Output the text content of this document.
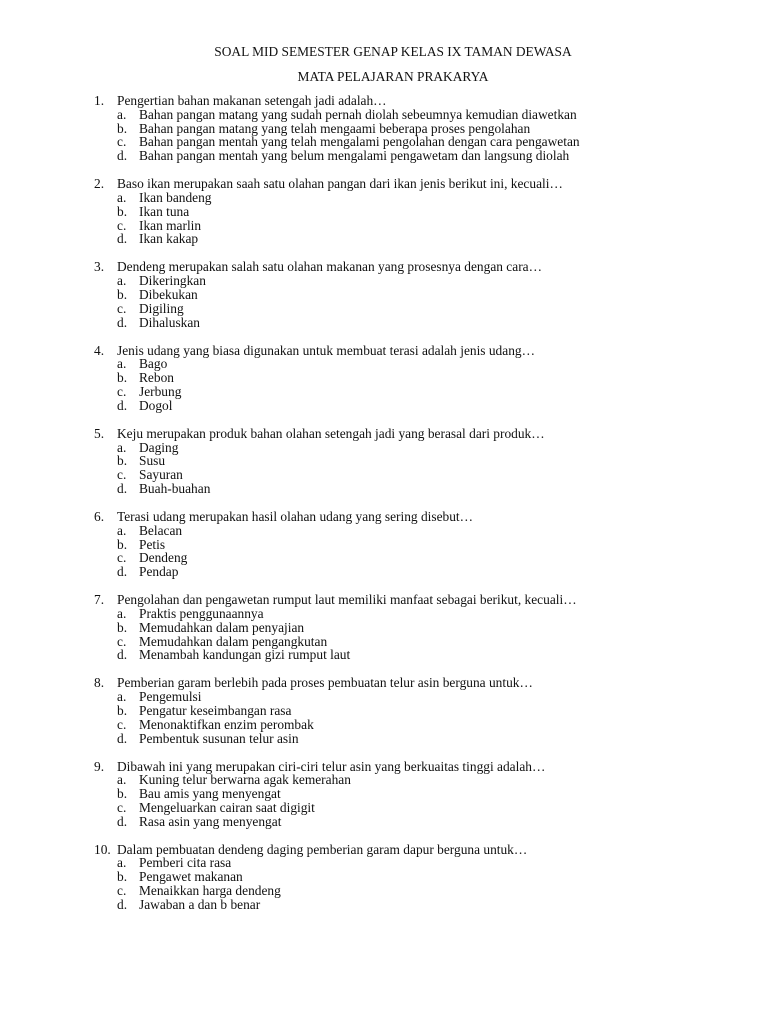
SOAL MID SEMESTER GENAP KELAS IX TAMAN DEWASA
MATA PELAJARAN PRAKARYA
1. Pengertian bahan makanan setengah jadi adalah…
a. Bahan pangan matang yang sudah pernah diolah sebeumnya kemudian diawetkan
b. Bahan pangan matang yang telah mengaami beberapa proses pengolahan
c. Bahan pangan mentah yang telah mengalami pengolahan dengan cara pengawetan
d. Bahan pangan mentah yang belum mengalami pengawetam dan langsung diolah
2. Baso ikan merupakan saah satu olahan pangan dari ikan jenis berikut ini, kecuali…
a. Ikan bandeng
b. Ikan tuna
c. Ikan marlin
d. Ikan kakap
3. Dendeng merupakan salah satu olahan makanan yang prosesnya dengan cara…
a. Dikeringkan
b. Dibekukan
c. Digiling
d. Dihaluskan
4. Jenis udang yang biasa digunakan untuk membuat terasi adalah jenis udang…
a. Bago
b. Rebon
c. Jerbung
d. Dogol
5. Keju merupakan produk bahan olahan setengah jadi yang berasal dari produk…
a. Daging
b. Susu
c. Sayuran
d. Buah-buahan
6. Terasi udang merupakan hasil olahan udang yang sering disebut…
a. Belacan
b. Petis
c. Dendeng
d. Pendap
7. Pengolahan dan pengawetan rumput laut memiliki manfaat sebagai berikut, kecuali…
a. Praktis penggunaannya
b. Memudahkan dalam penyajian
c. Memudahkan dalam pengangkutan
d. Menambah kandungan gizi rumput laut
8. Pemberian garam berlebih pada proses pembuatan telur asin berguna untuk…
a. Pengemulsi
b. Pengatur keseimbangan rasa
c. Menonaktifkan enzim perombak
d. Pembentuk susunan telur asin
9. Dibawah ini yang merupakan ciri-ciri telur asin yang berkuaitas tinggi adalah…
a. Kuning telur berwarna agak kemerahan
b. Bau amis yang menyengat
c. Mengeluarkan cairan saat digigit
d. Rasa asin yang menyengat
10. Dalam pembuatan dendeng daging pemberian garam dapur berguna untuk…
a. Pemberi cita rasa
b. Pengawet makanan
c. Menaikkan harga dendeng
d. Jawaban a dan b benar
